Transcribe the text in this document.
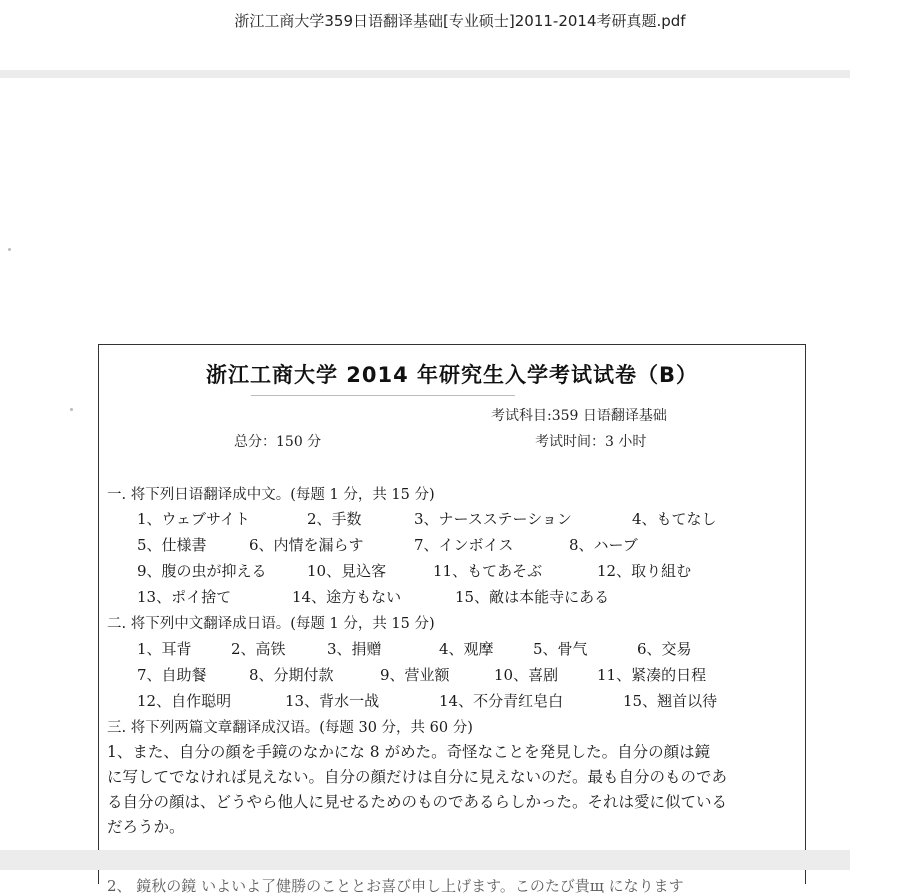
浙江工商大学359日语翻译基础[专业硕士]2011-2014考研真题.pdf
浙江工商大学 2014 年研究生入学考试试卷（B）
考试科目:359 日语翻译基础
总分：150 分	考试时间：3 小时
一. 将下列日语翻译成中文。(每题 1 分，共 15 分)
1、ウェブサイト	2、手数	3、ナースステーション	4、もてなし
5、仕様書	6、内情を漏らす	7、インボイス	8、ハーブ
9、腹の虫が抑える	10、見込客	11、もてあそぶ	12、取り組む
13、ポイ捨て	14、途方もない	15、敵は本能寺にある
二. 将下列中文翻译成日语。(每题 1 分，共 15 分)
1、耳背	2、高铁	3、捐赠	4、观摩	5、骨气	6、交易
7、自助餐	8、分期付款	9、营业额	10、喜剧	11、紧凑的日程
12、自作聪明	13、背水一战	14、不分青红皂白	15、翘首以待
三. 将下列两篇文章翻译成汉语。(每题 30 分，共 60 分)

1、また、自分の顔を手鏡のなかにな 8 がめた。奇怪なことを発見した。自分の顔は鏡

に写してでなければ見えない。自分の顔だけは自分に見えないのだ。最も自分のものであ

る自分の顔は、どうやら他人に見せるためのものであるらしかった。それは愛に似ている

だろうか。

2、 鏡秋の鏡 いよいよ了健勝のこととお喜び申し上げます。このたび貴щ になります
